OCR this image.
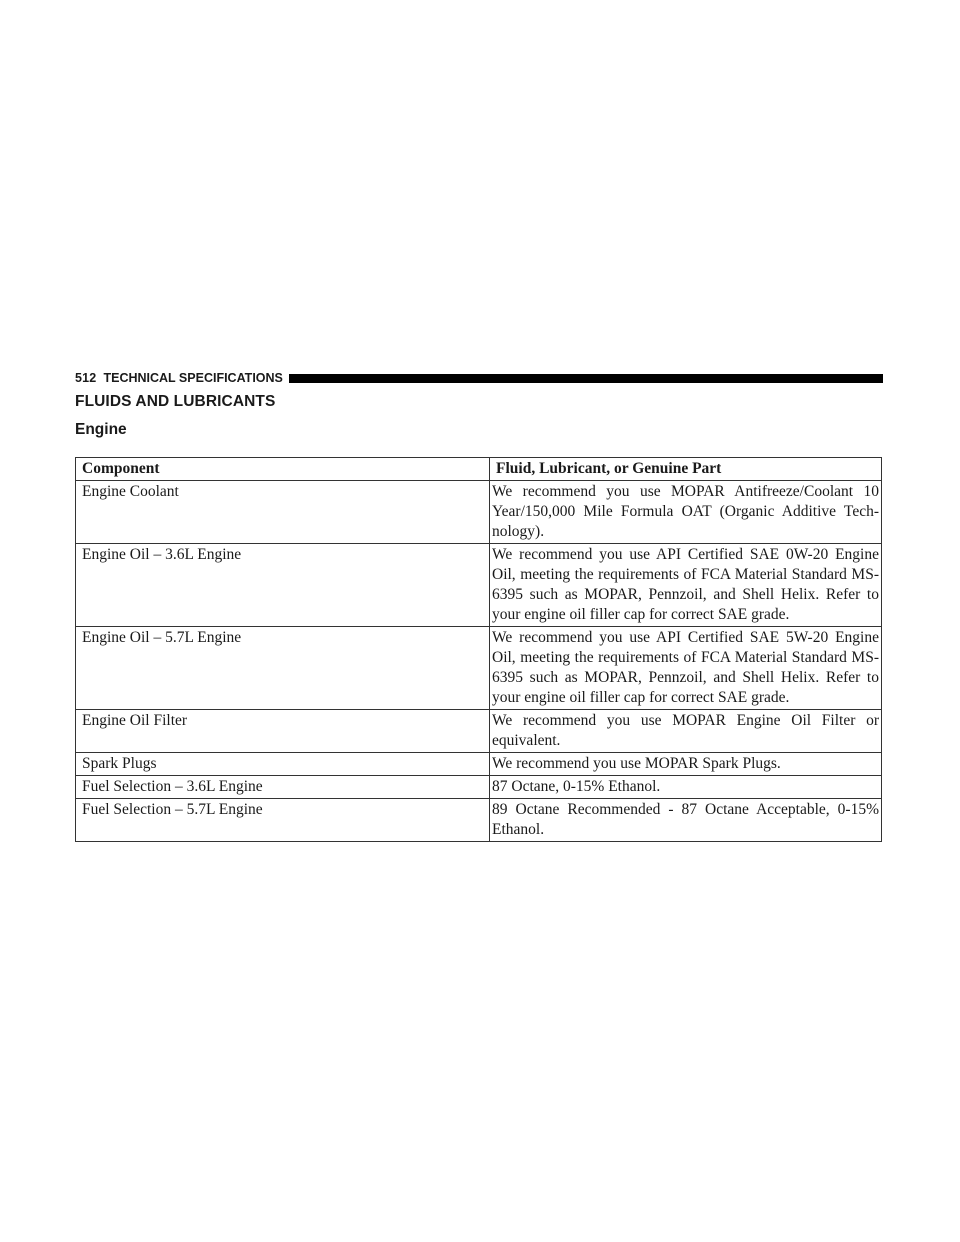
512 TECHNICAL SPECIFICATIONS
FLUIDS AND LUBRICANTS
Engine
Component	Fluid, Lubricant, or Genuine Part
Engine Coolant	We recommend you use MOPAR Antifreeze/Coolant 10 Year/150,000 Mile Formula OAT (Organic Additive Tech-nology).
Engine Oil – 3.6L Engine	We recommend you use API Certified SAE 0W-20 Engine Oil, meeting the requirements of FCA Material Standard MS-6395 such as MOPAR, Pennzoil, and Shell Helix. Refer to your engine oil filler cap for correct SAE grade.
Engine Oil – 5.7L Engine	We recommend you use API Certified SAE 5W-20 Engine Oil, meeting the requirements of FCA Material Standard MS-6395 such as MOPAR, Pennzoil, and Shell Helix. Refer to your engine oil filler cap for correct SAE grade.
Engine Oil Filter	We recommend you use MOPAR Engine Oil Filter or equivalent.
Spark Plugs	We recommend you use MOPAR Spark Plugs.
Fuel Selection – 3.6L Engine	87 Octane, 0-15% Ethanol.
Fuel Selection – 5.7L Engine	89 Octane Recommended - 87 Octane Acceptable, 0-15% Ethanol.
